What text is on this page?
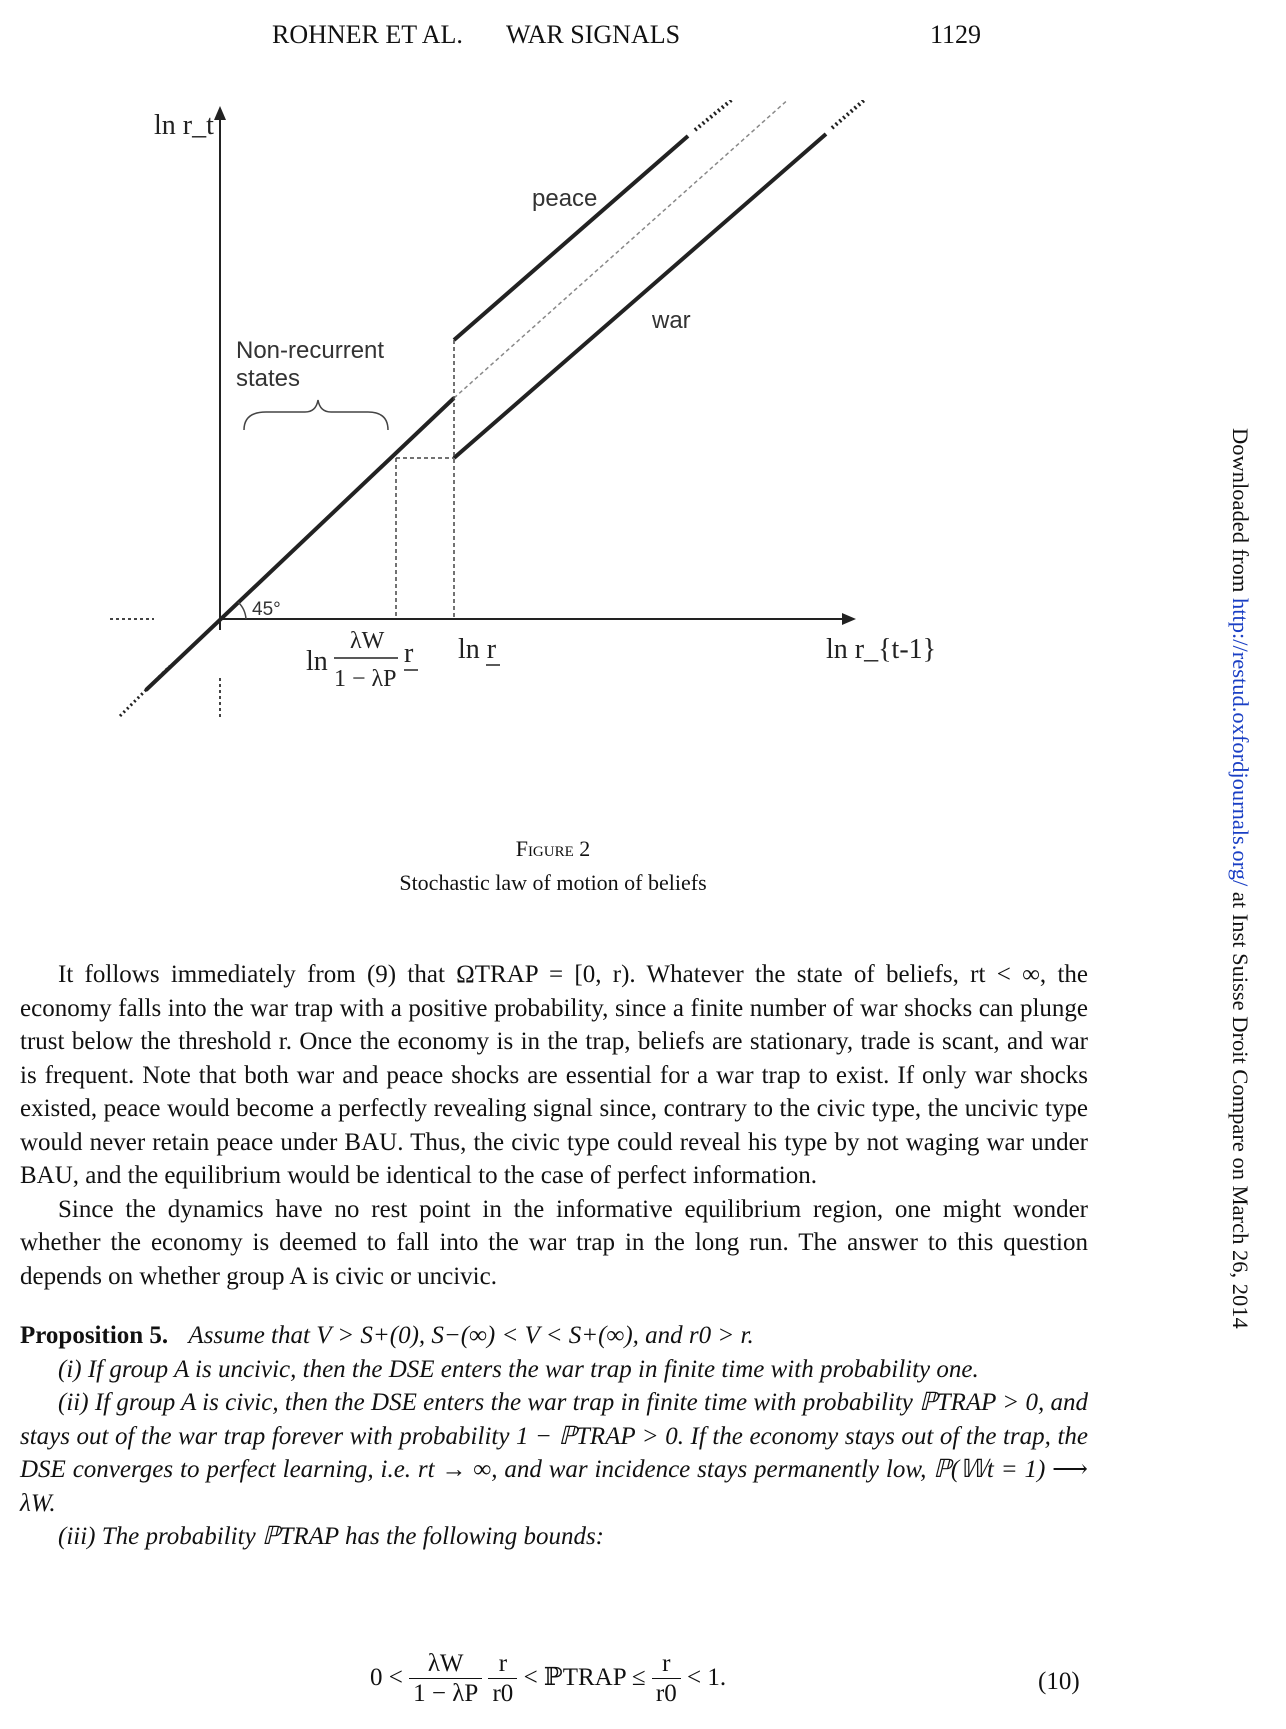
ROHNER ET AL. WAR SIGNALS	1129
Downloaded from http://restud.oxfordjournals.org/ at Inst Suisse Droit Compare on March 26, 2014
ln r_t
ln r_{t-1}
peace
war
Non-recurrent
states
45°
ln r
ln
λW
1 − λP
r
Figure 2
Stochastic law of motion of beliefs

It follows immediately from (9) that ΩTRAP = [0, r). Whatever the state of beliefs, rt < ∞, the economy falls into the war trap with a positive probability, since a finite number of war shocks can plunge trust below the threshold r. Once the economy is in the trap, beliefs are stationary, trade is scant, and war is frequent. Note that both war and peace shocks are essential for a war trap to exist. If only war shocks existed, peace would become a perfectly revealing signal since, contrary to the civic type, the uncivic type would never retain peace under BAU. Thus, the civic type could reveal his type by not waging war under BAU, and the equilibrium would be identical to the case of perfect information.

Since the dynamics have no rest point in the informative equilibrium region, one might wonder whether the economy is deemed to fall into the war trap in the long run. The answer to this question depends on whether group A is civic or uncivic.

Proposition 5. Assume that V > S+(0), S−(∞) < V < S+(∞), and r0 > r.

(i) If group A is uncivic, then the DSE enters the war trap in finite time with probability one.

(ii) If group A is civic, then the DSE enters the war trap in finite time with probability ℙTRAP > 0, and stays out of the war trap forever with probability 1 − ℙTRAP > 0. If the economy stays out of the trap, the DSE converges to perfect learning, i.e. rt → ∞, and war incidence stays permanently low, ℙ(𝕎t = 1) ⟶ λW.

(iii) The probability ℙTRAP has the following bounds:

$0 < \frac{\lambda W}{1 - \lambda P}$
$\frac{r}{r0}$ < ℙTRAP ≤ $\frac{r}{r0} < 1$.	(10)
